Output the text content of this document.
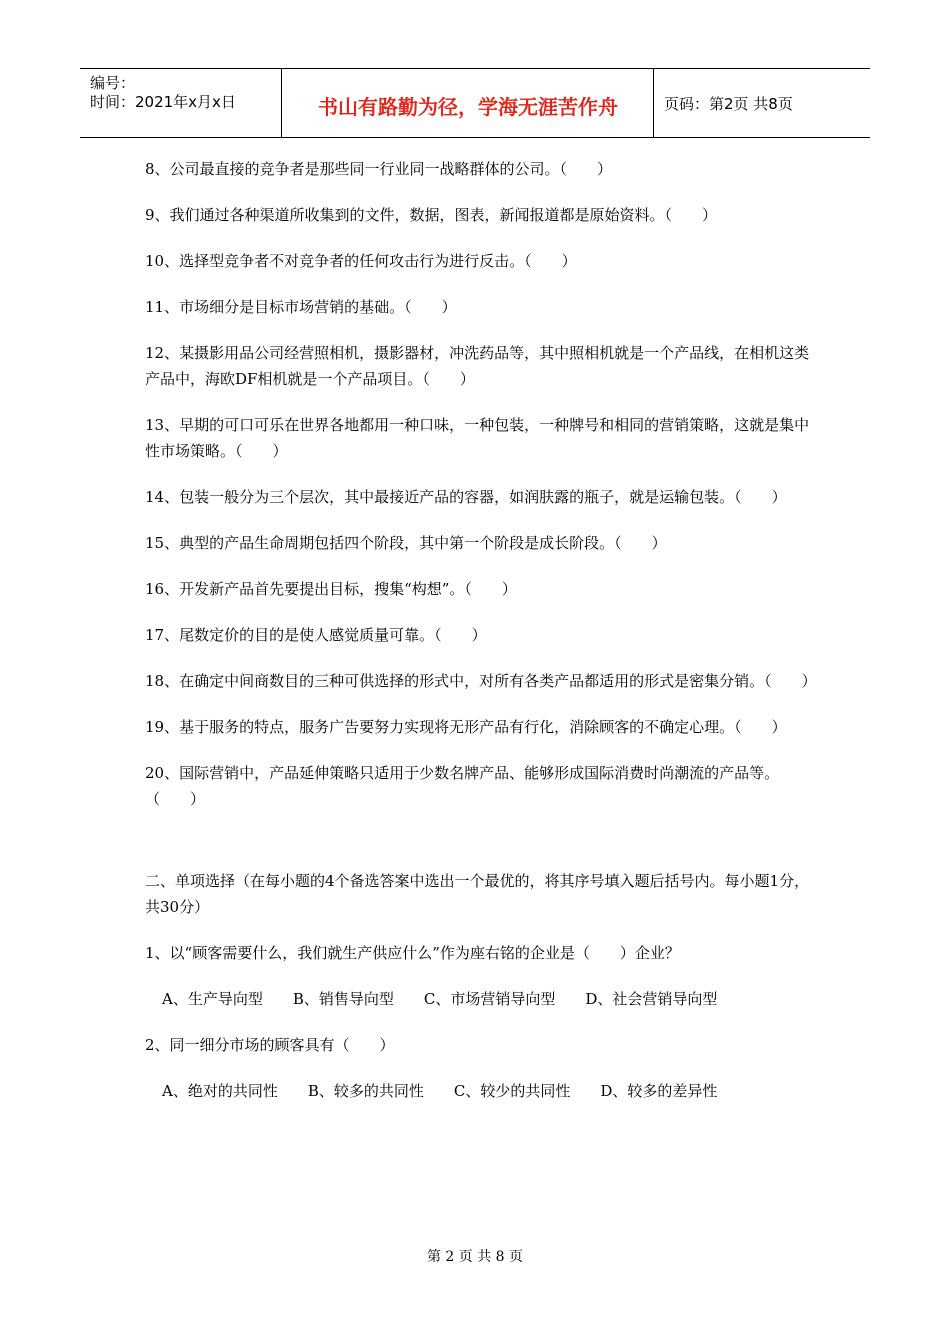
编号：
时间：2021年x月x日	书山有路勤为径，学海无涯苦作舟	页码：第2页 共8页

8、公司最直接的竞争者是那些同一行业同一战略群体的公司。（　　）

9、我们通过各种渠道所收集到的文件，数据，图表，新闻报道都是原始资料。（　　）

10、选择型竞争者不对竞争者的任何攻击行为进行反击。（　　）

11、市场细分是目标市场营销的基础。（　　）

12、某摄影用品公司经营照相机，摄影器材，冲洗药品等，其中照相机就是一个产品线，在相机这类产品中，海欧DF相机就是一个产品项目。（　　）

13、早期的可口可乐在世界各地都用一种口味，一种包装，一种牌号和相同的营销策略，这就是集中性市场策略。（　　）

14、包装一般分为三个层次，其中最接近产品的容器，如润肤露的瓶子，就是运输包装。（　　）

15、典型的产品生命周期包括四个阶段，其中第一个阶段是成长阶段。（　　）

16、开发新产品首先要提出目标，搜集“构想”。（　　）

17、尾数定价的目的是使人感觉质量可靠。（　　）

18、在确定中间商数目的三种可供选择的形式中，对所有各类产品都适用的形式是密集分销。（　　）

19、基于服务的特点，服务广告要努力实现将无形产品有行化，消除顾客的不确定心理。（　　）

20、国际营销中，产品延伸策略只适用于少数名牌产品、能够形成国际消费时尚潮流的产品等。（　　）

二、单项选择（在每小题的4个备选答案中选出一个最优的，将其序号填入题后括号内。每小题1分，共30分）

1、以“顾客需要什么，我们就生产供应什么”作为座右铭的企业是（　　）企业？

A、生产导向型　　B、销售导向型　　C、市场营销导向型　　D、社会营销导向型

2、同一细分市场的顾客具有（　　）

A、绝对的共同性　　B、较多的共同性　　C、较少的共同性　　D、较多的差异性

第 2 页 共 8 页
